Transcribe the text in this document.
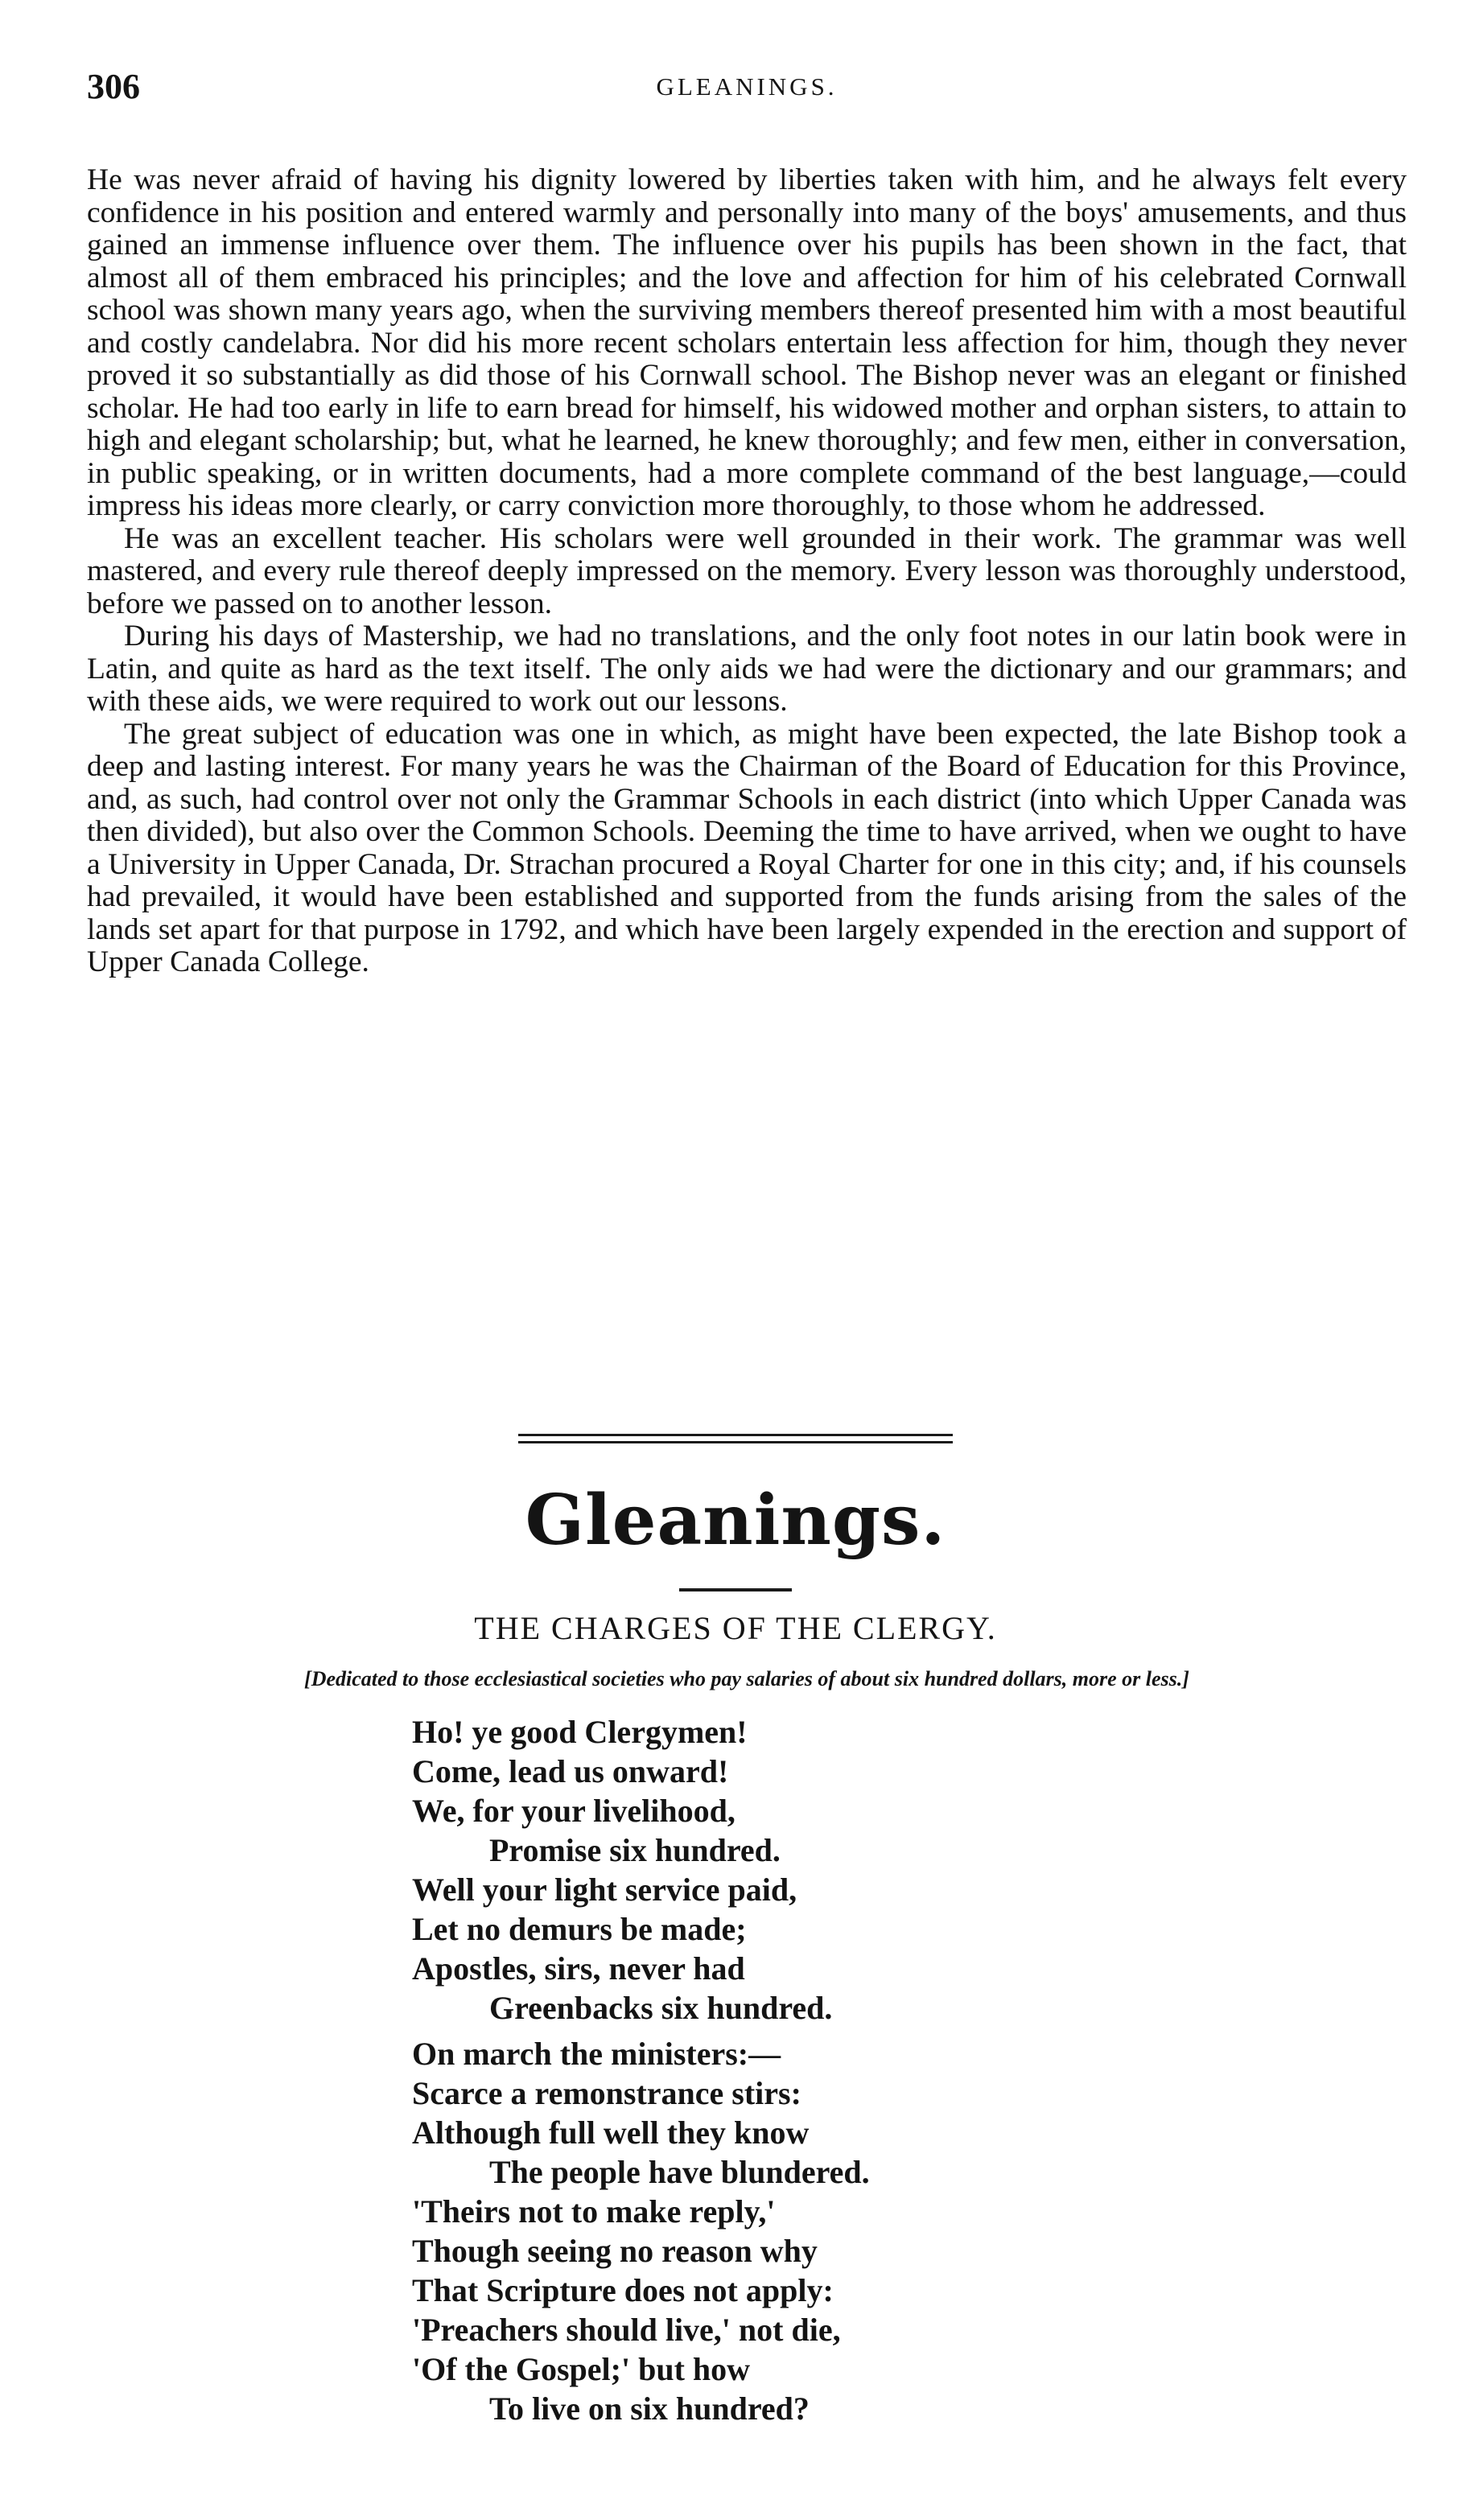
306	GLEANINGS.

He was never afraid of having his dignity lowered by liberties taken with him, and he always felt every confidence in his position and entered warmly and personally into many of the boys' amusements, and thus gained an immense influence over them. The influence over his pupils has been shown in the fact, that almost all of them embraced his principles; and the love and affection for him of his celebrated Cornwall school was shown many years ago, when the surviving members thereof presented him with a most beautiful and costly candelabra. Nor did his more recent scholars entertain less affection for him, though they never proved it so substantially as did those of his Cornwall school. The Bishop never was an elegant or finished scholar. He had too early in life to earn bread for himself, his widowed mother and orphan sisters, to attain to high and elegant scholarship; but, what he learned, he knew thoroughly; and few men, either in conversation, in public speaking, or in written documents, had a more complete command of the best language,—could impress his ideas more clearly, or carry conviction more thoroughly, to those whom he addressed.

He was an excellent teacher. His scholars were well grounded in their work. The grammar was well mastered, and every rule thereof deeply impressed on the memory. Every lesson was thoroughly understood, before we passed on to another lesson.

During his days of Mastership, we had no translations, and the only foot notes in our latin book were in Latin, and quite as hard as the text itself. The only aids we had were the dictionary and our grammars; and with these aids, we were required to work out our lessons.

The great subject of education was one in which, as might have been expected, the late Bishop took a deep and lasting interest. For many years he was the Chairman of the Board of Education for this Province, and, as such, had control over not only the Grammar Schools in each district (into which Upper Canada was then divided), but also over the Common Schools. Deeming the time to have arrived, when we ought to have a University in Upper Canada, Dr. Strachan procured a Royal Charter for one in this city; and, if his counsels had prevailed, it would have been established and supported from the funds arising from the sales of the lands set apart for that purpose in 1792, and which have been largely expended in the erection and support of Upper Canada College.

Gleanings.
THE CHARGES OF THE CLERGY.
[Dedicated to those ecclesiastical societies who pay salaries of about six hundred dollars, more or less.]
Ho! ye good Clergymen!
Come, lead us onward!
We, for your livelihood,
Promise six hundred.
Well your light service paid,
Let no demurs be made;
Apostles, sirs, never had
Greenbacks six hundred.
On march the ministers:—
Scarce a remonstrance stirs:
Although full well they know
The people have blundered.
'Theirs not to make reply,'
Though seeing no reason why
That Scripture does not apply:
'Preachers should live,' not die,
'Of the Gospel;' but how
To live on six hundred?
